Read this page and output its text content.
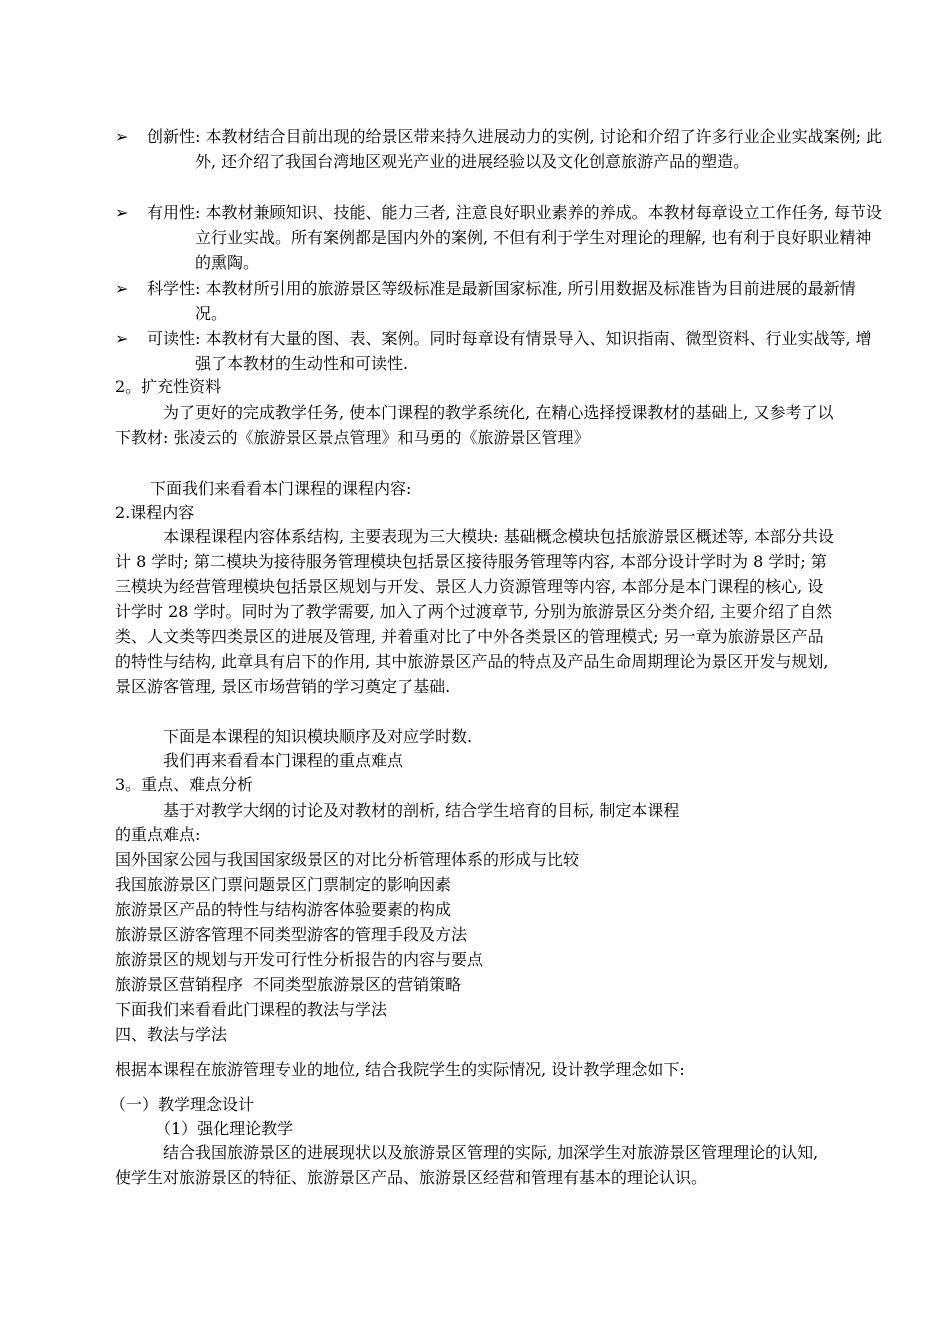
➢	创新性: 本教材结合目前出现的给景区带来持久进展动力的实例, 讨论和介绍了许多行业企业实战案例; 此外, 还介绍了我国台湾地区观光产业的进展经验以及文化创意旅游产品的塑造。
➢	有用性: 本教材兼顾知识、技能、能力三者, 注意良好职业素养的养成。本教材每章设立工作任务, 每节设立行业实战。所有案例都是国内外的案例, 不但有利于学生对理论的理解, 也有利于良好职业精神的熏陶。
➢	科学性: 本教材所引用的旅游景区等级标准是最新国家标准, 所引用数据及标准皆为目前进展的最新情况。
➢	可读性: 本教材有大量的图、表、案例。同时每章设有情景导入、知识指南、微型资料、行业实战等, 增强了本教材的生动性和可读性.
2。扩充性资料
为了更好的完成教学任务, 使本门课程的教学系统化, 在精心选择授课教材的基础上, 又参考了以下教材: 张凌云的《旅游景区景点管理》和马勇的《旅游景区管理》
下面我们来看看本门课程的课程内容:
2.课程内容
本课程课程内容体系结构, 主要表现为三大模块: 基础概念模块包括旅游景区概述等, 本部分共设计 8 学时; 第二模块为接待服务管理模块包括景区接待服务管理等内容, 本部分设计学时为 8 学时; 第三模块为经营管理模块包括景区规划与开发、景区人力资源管理等内容, 本部分是本门课程的核心, 设计学时 28 学时。同时为了教学需要, 加入了两个过渡章节, 分别为旅游景区分类介绍, 主要介绍了自然类、人文类等四类景区的进展及管理, 并着重对比了中外各类景区的管理模式; 另一章为旅游景区产品的特性与结构, 此章具有启下的作用, 其中旅游景区产品的特点及产品生命周期理论为景区开发与规划, 景区游客管理, 景区市场营销的学习奠定了基础.
下面是本课程的知识模块顺序及对应学时数.
我们再来看看本门课程的重点难点
3。重点、难点分析
基于对教学大纲的讨论及对教材的剖析, 结合学生培育的目标, 制定本课程
的重点难点:
国外国家公园与我国国家级景区的对比分析管理体系的形成与比较
我国旅游景区门票问题景区门票制定的影响因素
旅游景区产品的特性与结构游客体验要素的构成
旅游景区游客管理不同类型游客的管理手段及方法
旅游景区的规划与开发可行性分析报告的内容与要点
旅游景区营销程序  不同类型旅游景区的营销策略
下面我们来看看此门课程的教法与学法
四、教法与学法
根据本课程在旅游管理专业的地位, 结合我院学生的实际情况, 设计教学理念如下:
（一）教学理念设计
（1）强化理论教学
结合我国旅游景区的进展现状以及旅游景区管理的实际, 加深学生对旅游景区管理理论的认知, 使学生对旅游景区的特征、旅游景区产品、旅游景区经营和管理有基本的理论认识。
